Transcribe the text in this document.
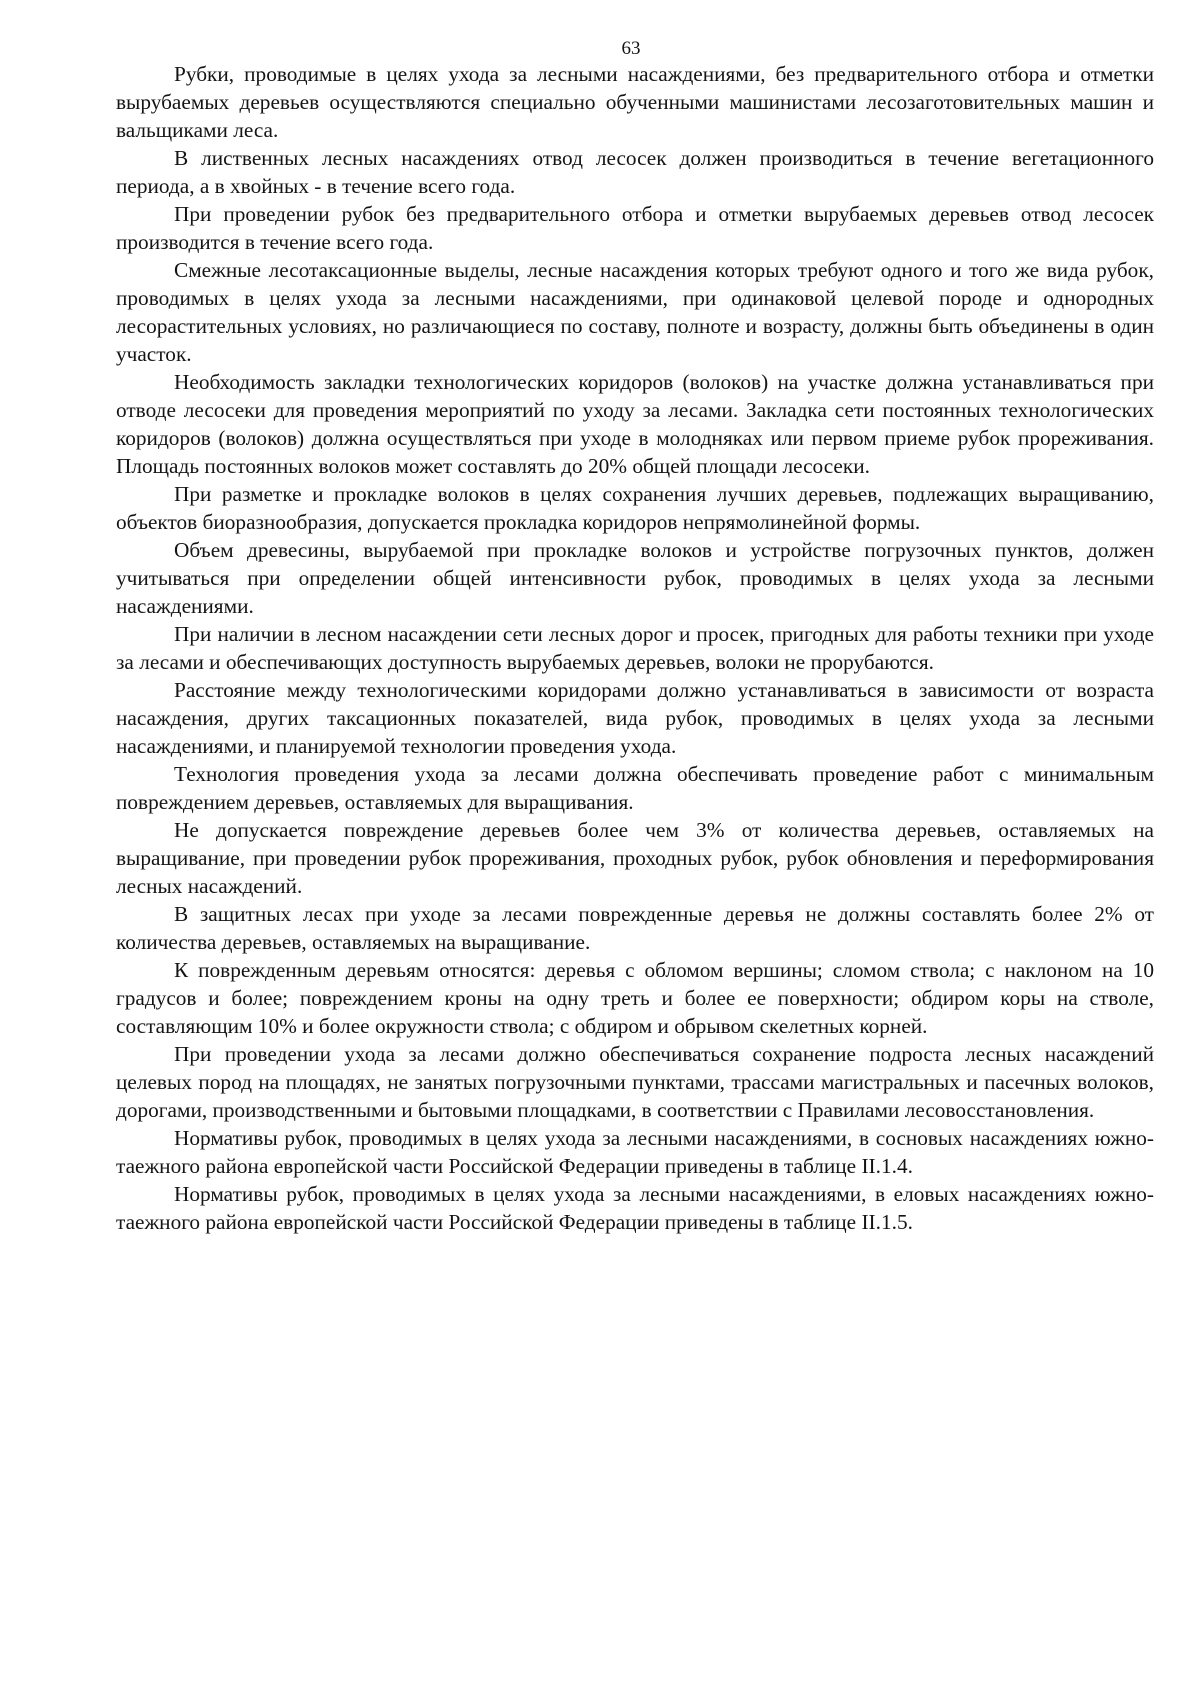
63

Рубки, проводимые в целях ухода за лесными насаждениями, без предварительного отбора и отметки вырубаемых деревьев осуществляются специально обученными машинистами лесозаготовительных машин и вальщиками леса.

В лиственных лесных насаждениях отвод лесосек должен производиться в течение вегетационного периода, а в хвойных - в течение всего года.

При проведении рубок без предварительного отбора и отметки вырубаемых деревьев отвод лесосек производится в течение всего года.

Смежные лесотаксационные выделы, лесные насаждения которых требуют одного и того же вида рубок, проводимых в целях ухода за лесными насаждениями, при одинаковой целевой породе и однородных лесорастительных условиях, но различающиеся по составу, полноте и возрасту, должны быть объединены в один участок.

Необходимость закладки технологических коридоров (волоков) на участке должна устанавливаться при отводе лесосеки для проведения мероприятий по уходу за лесами. Закладка сети постоянных технологических коридоров (волоков) должна осуществляться при уходе в молодняках или первом приеме рубок прореживания. Площадь постоянных волоков может составлять до 20% общей площади лесосеки.

При разметке и прокладке волоков в целях сохранения лучших деревьев, подлежащих выращиванию, объектов биоразнообразия, допускается прокладка коридоров непрямолинейной формы.

Объем древесины, вырубаемой при прокладке волоков и устройстве погрузочных пунктов, должен учитываться при определении общей интенсивности рубок, проводимых в целях ухода за лесными насаждениями.

При наличии в лесном насаждении сети лесных дорог и просек, пригодных для работы техники при уходе за лесами и обеспечивающих доступность вырубаемых деревьев, волоки не прорубаются.

Расстояние между технологическими коридорами должно устанавливаться в зависимости от возраста насаждения, других таксационных показателей, вида рубок, проводимых в целях ухода за лесными насаждениями, и планируемой технологии проведения ухода.

Технология проведения ухода за лесами должна обеспечивать проведение работ с минимальным повреждением деревьев, оставляемых для выращивания.

Не допускается повреждение деревьев более чем 3% от количества деревьев, оставляемых на выращивание, при проведении рубок прореживания, проходных рубок, рубок обновления и переформирования лесных насаждений.

В защитных лесах при уходе за лесами поврежденные деревья не должны составлять более 2% от количества деревьев, оставляемых на выращивание.

К поврежденным деревьям относятся: деревья с обломом вершины; сломом ствола; с наклоном на 10 градусов и более; повреждением кроны на одну треть и более ее поверхности; обдиром коры на стволе, составляющим 10% и более окружности ствола; с обдиром и обрывом скелетных корней.

При проведении ухода за лесами должно обеспечиваться сохранение подроста лесных насаждений целевых пород на площадях, не занятых погрузочными пунктами, трассами магистральных и пасечных волоков, дорогами, производственными и бытовыми площадками, в соответствии с Правилами лесовосстановления.

Нормативы рубок, проводимых в целях ухода за лесными насаждениями, в сосновых насаждениях южно-таежного района европейской части Российской Федерации приведены в таблице II.1.4.

Нормативы рубок, проводимых в целях ухода за лесными насаждениями, в еловых насаждениях южно-таежного района европейской части Российской Федерации приведены в таблице II.1.5.
